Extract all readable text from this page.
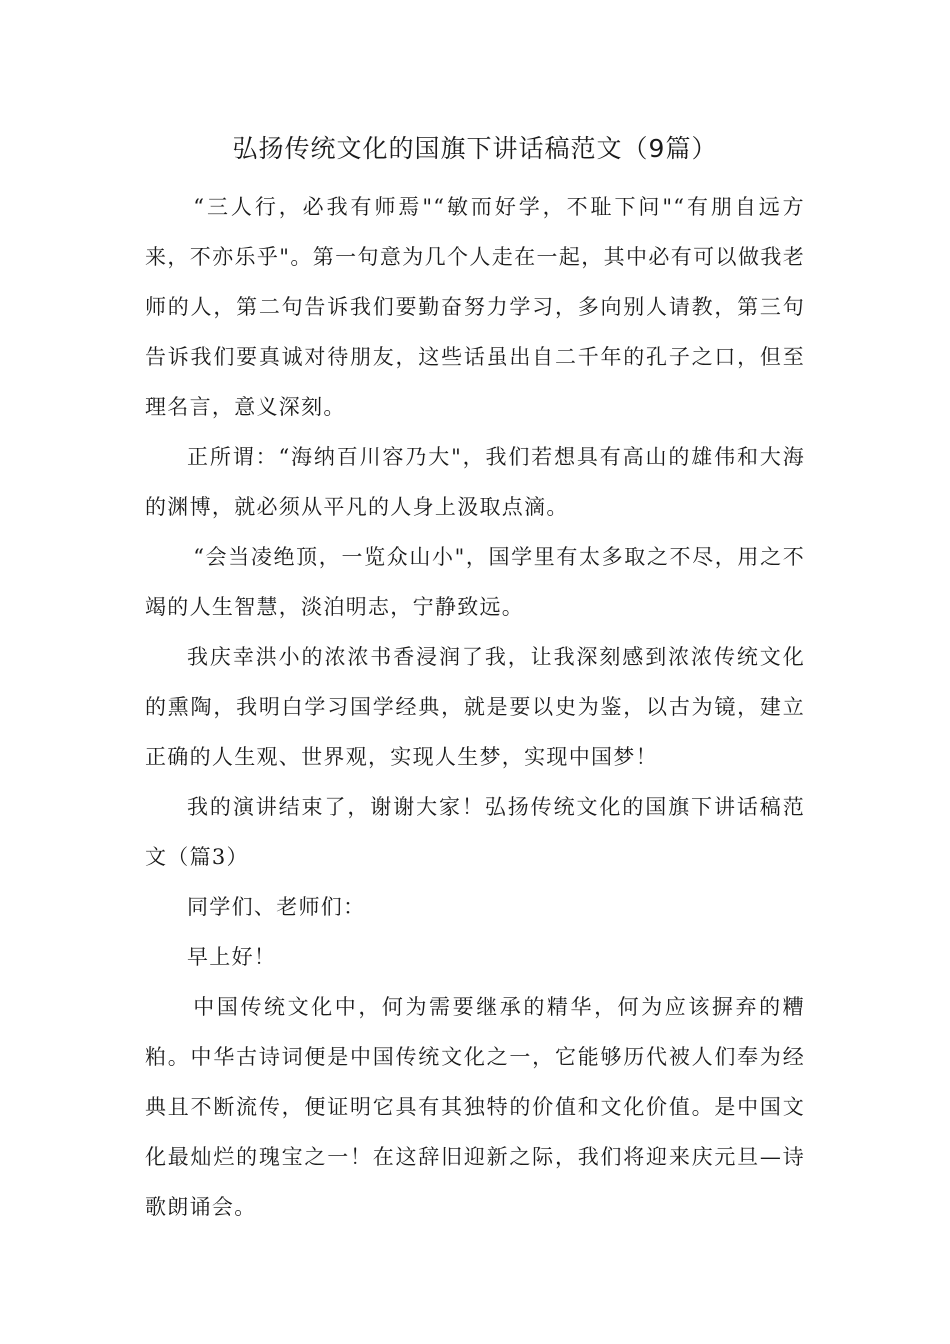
弘扬传统文化的国旗下讲话稿范文（9篇）

“三人行，必我有师焉"“敏而好学，不耻下问"“有朋自远方来，不亦乐乎"。第一句意为几个人走在一起，其中必有可以做我老师的人，第二句告诉我们要勤奋努力学习，多向别人请教，第三句告诉我们要真诚对待朋友，这些话虽出自二千年的孔子之口，但至理名言，意义深刻。

正所谓：“海纳百川容乃大"，我们若想具有高山的雄伟和大海的渊博，就必须从平凡的人身上汲取点滴。

“会当凌绝顶，一览众山小"，国学里有太多取之不尽，用之不竭的人生智慧，淡泊明志，宁静致远。

我庆幸洪小的浓浓书香浸润了我，让我深刻感到浓浓传统文化的熏陶，我明白学习国学经典，就是要以史为鉴，以古为镜，建立正确的人生观、世界观，实现人生梦，实现中国梦！

我的演讲结束了，谢谢大家！弘扬传统文化的国旗下讲话稿范文（篇3）

同学们、老师们：

早上好！

中国传统文化中，何为需要继承的精华，何为应该摒弃的糟粕。中华古诗词便是中国传统文化之一，它能够历代被人们奉为经典且不断流传，便证明它具有其独特的价值和文化价值。是中国文化最灿烂的瑰宝之一！在这辞旧迎新之际，我们将迎来庆元旦—诗歌朗诵会。
